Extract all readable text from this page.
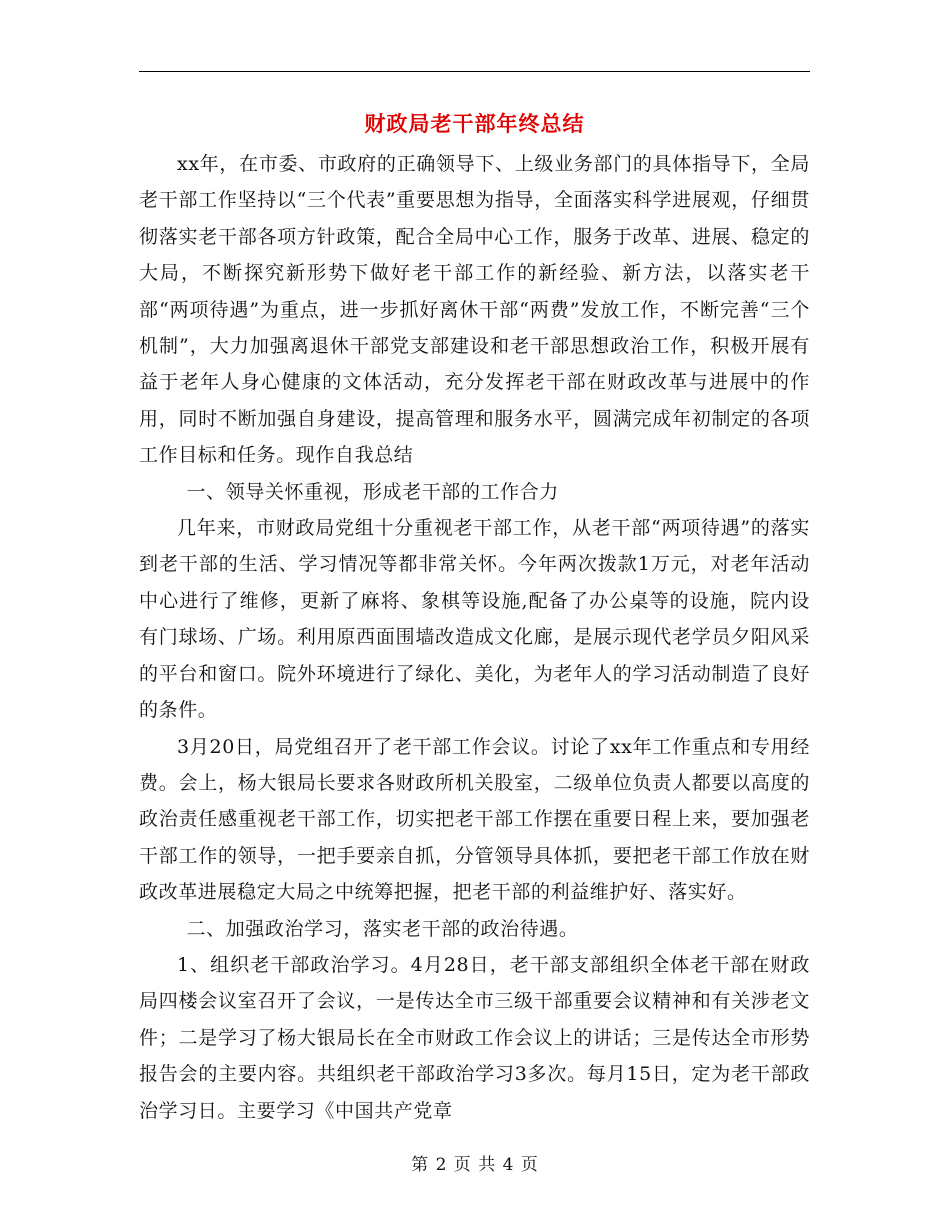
财政局老干部年终总结

xx年，在市委、市政府的正确领导下、上级业务部门的具体指导下，全局老干部工作坚持以“三个代表”重要思想为指导，全面落实科学进展观，仔细贯彻落实老干部各项方针政策，配合全局中心工作，服务于改革、进展、稳定的大局，不断探究新形势下做好老干部工作的新经验、新方法，以落实老干部“两项待遇”为重点，进一步抓好离休干部“两费”发放工作，不断完善“三个机制”，大力加强离退休干部党支部建设和老干部思想政治工作，积极开展有益于老年人身心健康的文体活动，充分发挥老干部在财政改革与进展中的作用，同时不断加强自身建设，提高管理和服务水平，圆满完成年初制定的各项工作目标和任务。现作自我总结

一、领导关怀重视，形成老干部的工作合力

几年来，市财政局党组十分重视老干部工作，从老干部“两项待遇”的落实到老干部的生活、学习情况等都非常关怀。今年两次拨款1万元，对老年活动中心进行了维修，更新了麻将、象棋等设施,配备了办公桌等的设施，院内设有门球场、广场。利用原西面围墙改造成文化廊，是展示现代老学员夕阳风采的平台和窗口。院外环境进行了绿化、美化，为老年人的学习活动制造了良好的条件。

3月20日，局党组召开了老干部工作会议。讨论了xx年工作重点和专用经费。会上，杨大银局长要求各财政所机关股室，二级单位负责人都要以高度的政治责任感重视老干部工作，切实把老干部工作摆在重要日程上来，要加强老干部工作的领导，一把手要亲自抓，分管领导具体抓，要把老干部工作放在财政改革进展稳定大局之中统筹把握，把老干部的利益维护好、落实好。

二、加强政治学习，落实老干部的政治待遇。

1、组织老干部政治学习。4月28日，老干部支部组织全体老干部在财政局四楼会议室召开了会议，一是传达全市三级干部重要会议精神和有关涉老文件；二是学习了杨大银局长在全市财政工作会议上的讲话；三是传达全市形势报告会的主要内容。共组织老干部政治学习3多次。每月15日，定为老干部政治学习日。主要学习《中国共产党章

第 2 页 共 4 页
